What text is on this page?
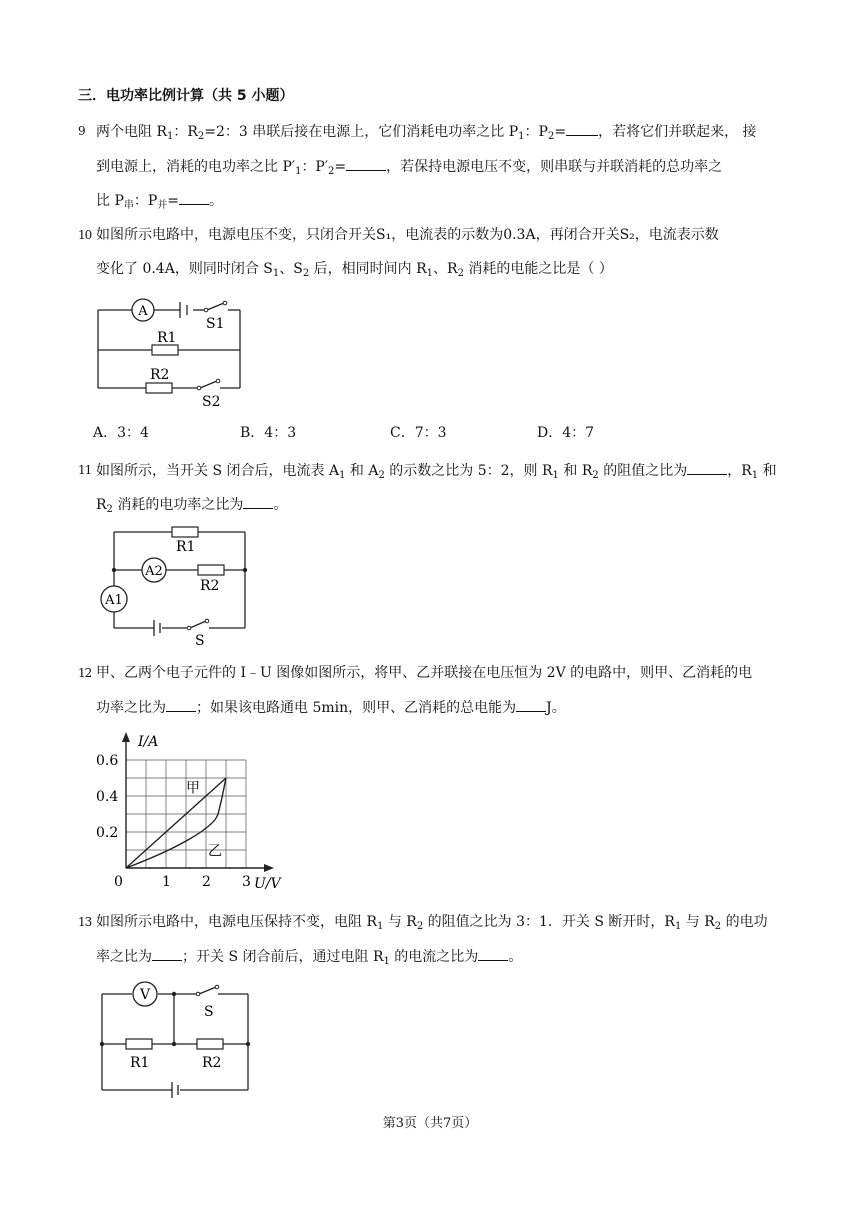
三．电功率比例计算（共 5 小题）
9 两个电阻 $R_1$：$R_2=2$：3 串联后接在电源上，它们消耗电功率之比 $P_1$：$P_2=$ ，若将它们并联起来， 接
到电源上，消耗的电功率之比 $P'_1$：$P'_2=$	，若保持电源电压不变，则串联与并联消耗的总功率之
比 $P_串$：$P_并=$ 。
10 如图所示电路中，电源电压不变，只闭合开关S₁，电流表的示数为0.3A，再闭合开关S₂，电流表示数
变化了 0.4A，则同时闭合 $S_1$、$S_2$ 后，相同时间内 $R_1$、$R_2$ 消耗的电能之比是（ ）
A
R1
R2
S1
S2
A．3：4	B．4：3	C．7：3	D．4：7
11 如图所示，当开关 S 闭合后，电流表 $A_1$ 和 $A_2$ 的示数之比为 5：2，则 $R_1$ 和 $R_2$ 的阻值之比为	，$R_1$ 和
$R_2$ 消耗的电功率之比为 。
A2
A1
R1
R2
S
12 甲、乙两个电子元件的 I﹣U 图像如图所示，将甲、乙并联接在电压恒为 2V 的电路中，则甲、乙消耗的电
功率之比为 ；如果该电路通电 5min，则甲、乙消耗的总电能为 J。
0	1 2 3
0.2
0.4
0.6
U/V
I/A
甲
乙
13 如图所示电路中，电源电压保持不变，电阻 $R_1$ 与 $R_2$ 的阻值之比为 3：1．开关 S 断开时，$R_1$ 与 $R_2$ 的电功
率之比为 ；开关 S 闭合前后，通过电阻 $R_1$ 的电流之比为 。
V
R1	R2
S
第3页（共7页）
